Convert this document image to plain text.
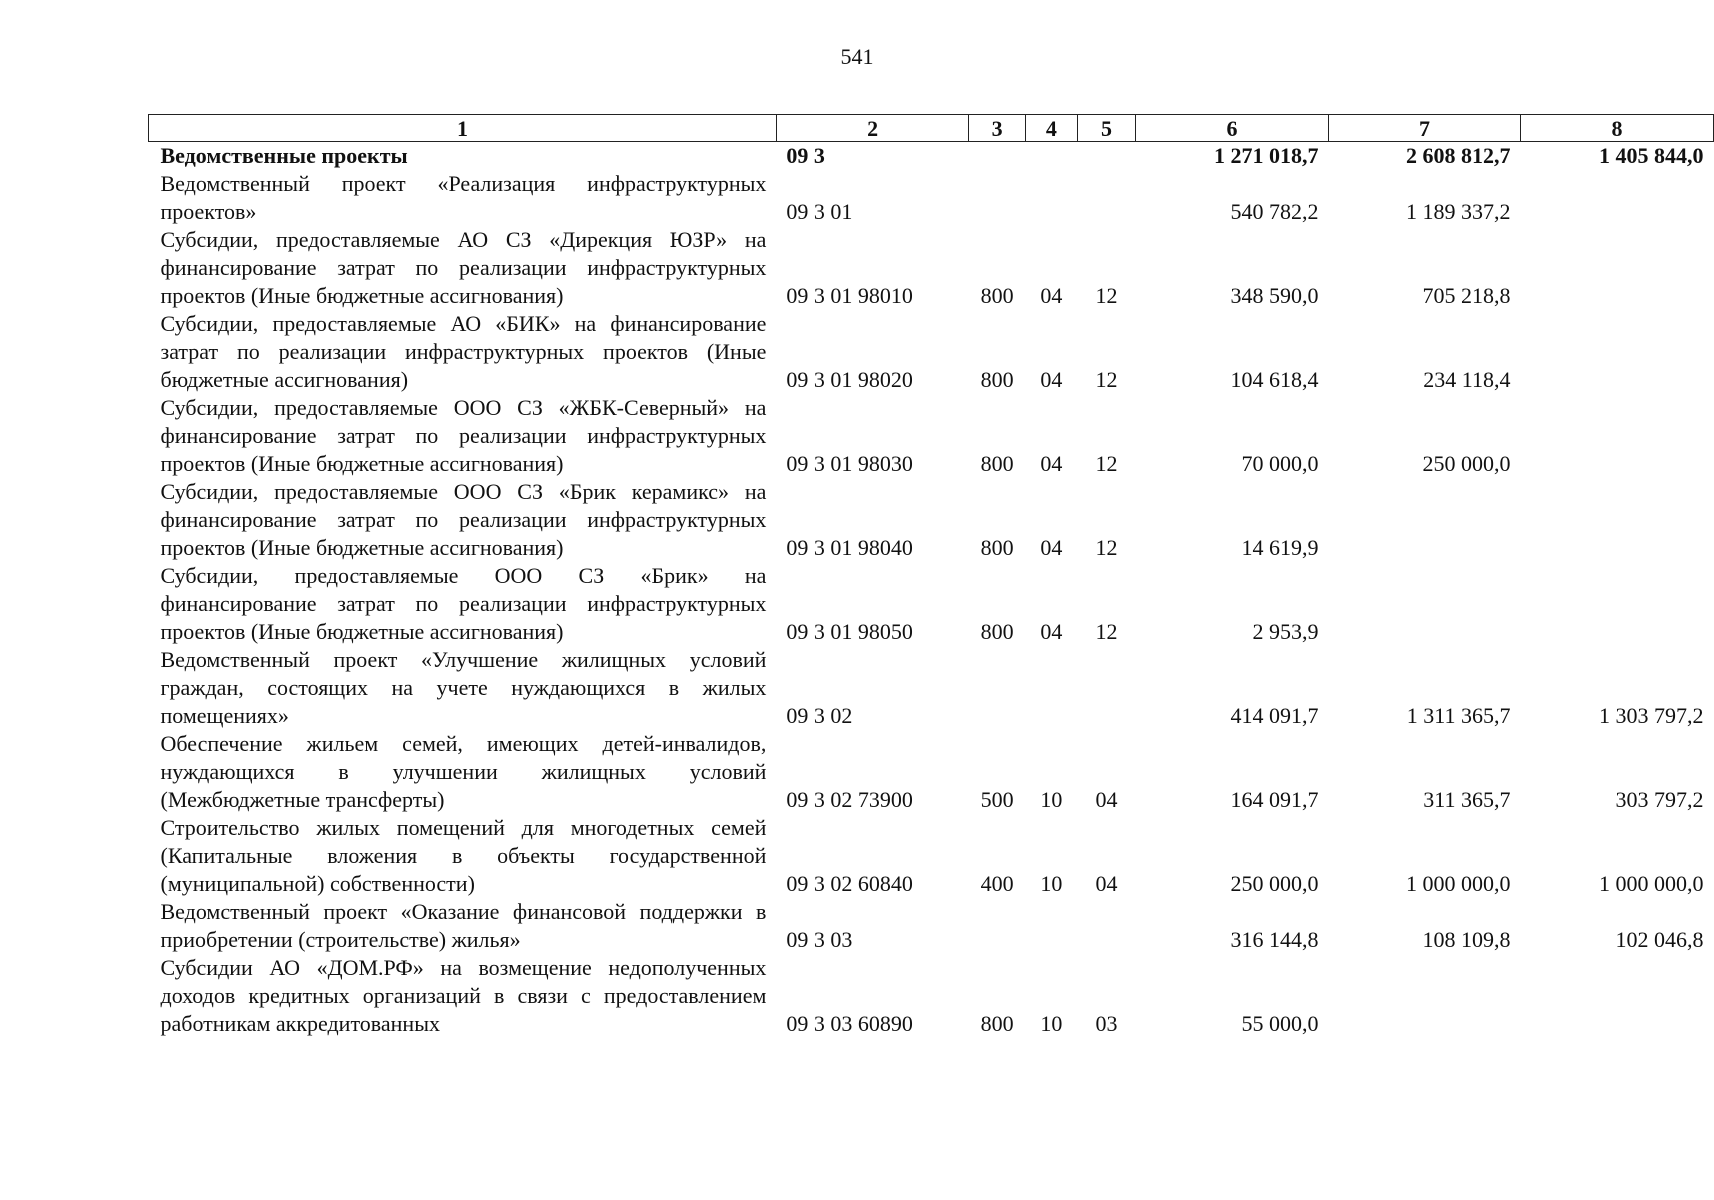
541
1	2	3	4	5	6	7	8

Ведомственные проекты	09 3				1 271 018,7	2 608 812,7	1 405 844,0

Ведомственный проект «Реализация инфраструктурных проектов»	09 3 01				540 782,2	1 189 337,2	

Субсидии, предоставляемые АО СЗ «Дирекция ЮЗР» на финансирование затрат по реализации инфраструктурных проектов (Иные бюджетные ассигнования)	09 3 01 98010	800	04	12	348 590,0	705 218,8	

Субсидии, предоставляемые АО «БИК» на финансирование затрат по реализации инфраструктурных проектов (Иные бюджетные ассигнования)	09 3 01 98020	800	04	12	104 618,4	234 118,4	

Субсидии, предоставляемые ООО СЗ «ЖБК-Северный» на финансирование затрат по реализации инфраструктурных проектов (Иные бюджетные ассигнования)	09 3 01 98030	800	04	12	70 000,0	250 000,0	

Субсидии, предоставляемые ООО СЗ «Брик керамикс» на финансирование затрат по реализации инфраструктурных проектов (Иные бюджетные ассигнования)	09 3 01 98040	800	04	12	14 619,9		

Субсидии, предоставляемые ООО СЗ «Брик» на финансирование затрат по реализации инфраструктурных проектов (Иные бюджетные ассигнования)	09 3 01 98050	800	04	12	2 953,9		

Ведомственный проект «Улучшение жилищных условий граждан, состоящих на учете нуждающихся в жилых помещениях»	09 3 02				414 091,7	1 311 365,7	1 303 797,2

Обеспечение жильем семей, имеющих детей-инвалидов, нуждающихся в улучшении жилищных условий (Межбюджетные трансферты)	09 3 02 73900	500	10	04	164 091,7	311 365,7	303 797,2

Строительство жилых помещений для многодетных семей (Капитальные вложения в объекты государственной (муниципальной) собственности)	09 3 02 60840	400	10	04	250 000,0	1 000 000,0	1 000 000,0

Ведомственный проект «Оказание финансовой поддержки в приобретении (строительстве) жилья»	09 3 03				316 144,8	108 109,8	102 046,8

Субсидии АО «ДОМ.РФ» на возмещение недополученных доходов кредитных организаций в связи с предоставлением работникам аккредитованных	09 3 03 60890	800	10	03	55 000,0		
